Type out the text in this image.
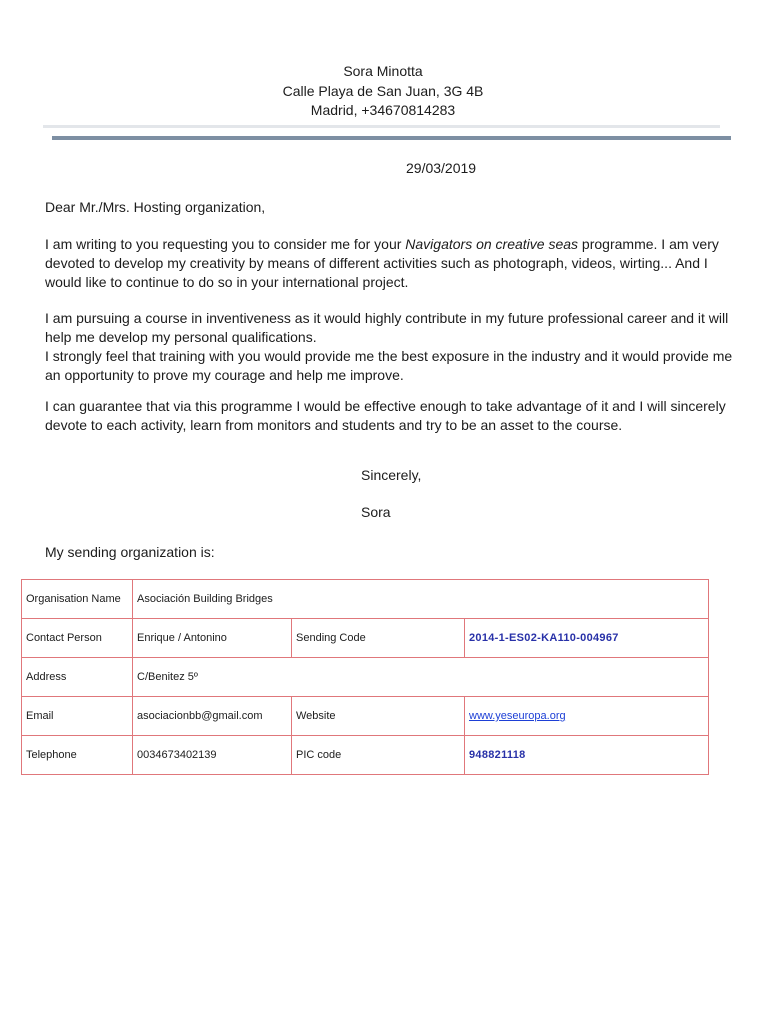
Sora Minotta
Calle Playa de San Juan, 3G 4B
Madrid, +34670814283
29/03/2019
Dear Mr./Mrs. Hosting organization,
I am writing to you requesting you to consider me for your Navigators on creative seas programme. I am very devoted to develop my creativity by means of different activities such as photograph, videos, wirting... And I would like to continue to do so in your international project.
I am pursuing a course in inventiveness as it would highly contribute in my future professional career and it will help me develop my personal qualifications.
I strongly feel that training with you would provide me the best exposure in the industry and it would provide me an opportunity to prove my courage and help me improve.
I can guarantee that via this programme I would be effective enough to take advantage of it and I will sincerely devote to each activity, learn from monitors and students and try to be an asset to the course.
Sincerely,
Sora
My sending organization is:
Organisation Name	Asociación Building Bridges		
Contact Person	Enrique / Antonino	Sending Code	2014-1-ES02-KA110-004967
Address	C/Benitez 5º		
Email	asociacionbb@gmail.com	Website	www.yeseuropa.org
Telephone	0034673402139	PIC code	948821118
